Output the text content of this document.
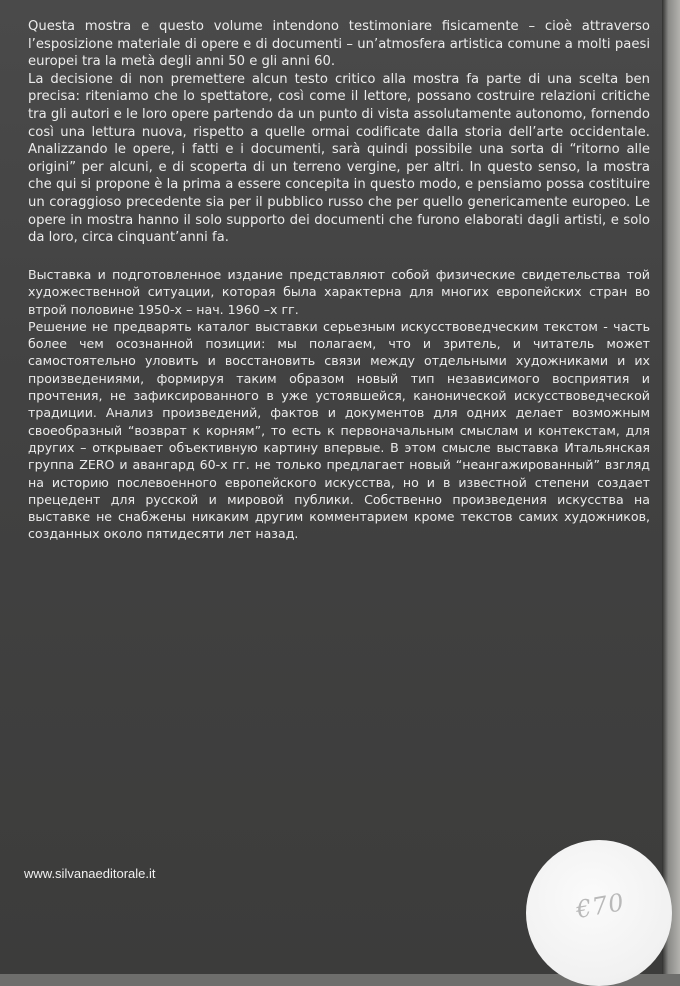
Questa mostra e questo volume intendono testimoniare fisicamente – cioè attraverso l’esposizione materiale di opere e di documenti – un’atmosfera artistica comune a molti paesi europei tra la metà degli anni 50 e gli anni 60.

La decisione di non premettere alcun testo critico alla mostra fa parte di una scelta ben precisa: riteniamo che lo spettatore, così come il lettore, possano costruire relazioni critiche tra gli autori e le loro opere partendo da un punto di vista assolutamente autonomo, fornendo così una lettura nuova, rispetto a quelle ormai codificate dalla storia dell’arte occidentale. Analizzando le opere, i fatti e i documenti, sarà quindi possibile una sorta di “ritorno alle origini” per alcuni, e di scoperta di un terreno vergine, per altri. In questo senso, la mostra che qui si propone è la prima a essere concepita in questo modo, e pensiamo possa costituire un coraggioso precedente sia per il pubblico russo che per quello genericamente europeo. Le opere in mostra hanno il solo supporto dei documenti che furono elaborati dagli artisti, e solo da loro, circa cinquant’anni fa.

Выставка и подготовленное издание представляют собой физические свидетельства той художественной ситуации, которая была характерна для многих европейских стран во втрой половине 1950-х – нач. 1960 –х гг.

Решение не предварять каталог выставки серьезным искусствоведческим текстом - часть более чем осознанной позиции: мы полагаем, что и зритель, и читатель может самостоятельно уловить и восстановить связи между отдельными художниками и их произведениями, формируя таким образом новый тип независимого восприятия и прочтения, не зафиксированного в уже устоявшейся, канонической искусствоведческой традиции. Анализ произведений, фактов и документов для одних делает возможным своеобразный “возврат к корням”, то есть к первоначальным смыслам и контекстам, для других – открывает объективную картину впервые. В этом смысле выставка Итальянская группа ZERO и авангард 60-х гг. не только предлагает новый “неангажированный” взгляд на историю послевоенного европейского искусства, но и в известной степени создает прецедент для русской и мировой публики. Собственно произведения искусства на выставке не снабжены никаким другим комментарием кроме текстов самих художников, созданных около пятидесяти лет назад.

www.silvanaeditorale.it
€70
